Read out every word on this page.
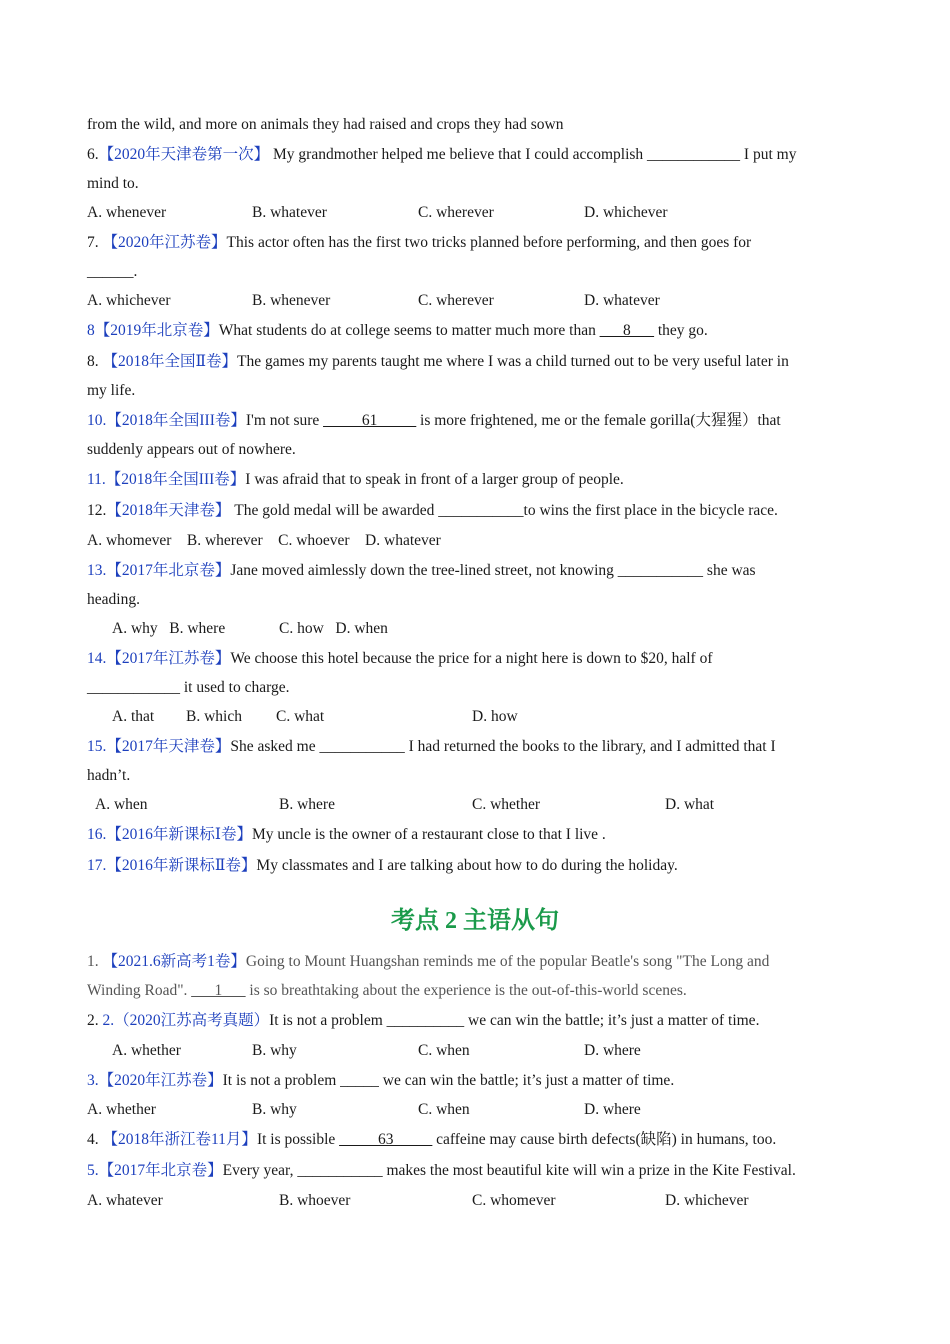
from the wild, and more on animals they had raised and crops they had sown
6.【2020年天津卷第一次】 My grandmother helped me believe that I could accomplish ____________ I put my
mind to.
A. whenever	B. whatever	C. wherever	D. whichever
7. 【2020年江苏卷】This actor often has the first two tricks planned before performing, and then goes for
______.
A. whichever	B. whenever	C. wherever	D. whatever
8【2019年北京卷】What students do at college seems to matter much more than ___8___ they go.
8. 【2018年全国Ⅱ卷】The games my parents taught me where I was a child turned out to be very useful later in
my life.
10.【2018年全国III卷】I'm not sure _____61_____ is more frightened, me or the female gorilla(大猩猩）that
suddenly appears out of nowhere.
11.【2018年全国III卷】I was afraid that to speak in front of a larger group of people.
12.【2018年天津卷】 The gold medal will be awarded ___________to wins the first place in the bicycle race.
A. whomever    B. wherever    C. whoever    D. whatever
13.【2017年北京卷】Jane moved aimlessly down the tree-lined street, not knowing ___________ she was
heading.
A. why   B. where	C. how   D. when
14.【2017年江苏卷】We choose this hotel because the price for a night here is down to $20, half of
____________ it used to charge.
A. that B. which C. what	D. how
15.【2017年天津卷】She asked me ___________ I had returned the books to the library, and I admitted that I
hadn’t.
A. when	B. where	C. whether	D. what
16.【2016年新课标Ⅰ卷】My uncle is the owner of a restaurant close to that I live .
17.【2016年新课标Ⅱ卷】My classmates and I are talking about how to do during the holiday.
考点 2 主语从句
1. 【2021.6新高考1卷】Going to Mount Huangshan reminds me of the popular Beatle's song "The Long and
Winding Road". ___1___ is so breathtaking about the experience is the out-of-this-world scenes.
2. 2.（2020江苏高考真题）It is not a problem __________ we can win the battle; it’s just a matter of time.
A. whether	B. why	C. when	D. where
3.【2020年江苏卷】It is not a problem _____ we can win the battle; it’s just a matter of time.
A. whether	B. why	C. when	D. where
4. 【2018年浙江卷11月】It is possible _____63_____ caffeine may cause birth defects(缺陷) in humans, too.
5.【2017年北京卷】Every year, ___________ makes the most beautiful kite will win a prize in the Kite Festival.
A. whatever	B. whoever	C. whomever	D. whichever
